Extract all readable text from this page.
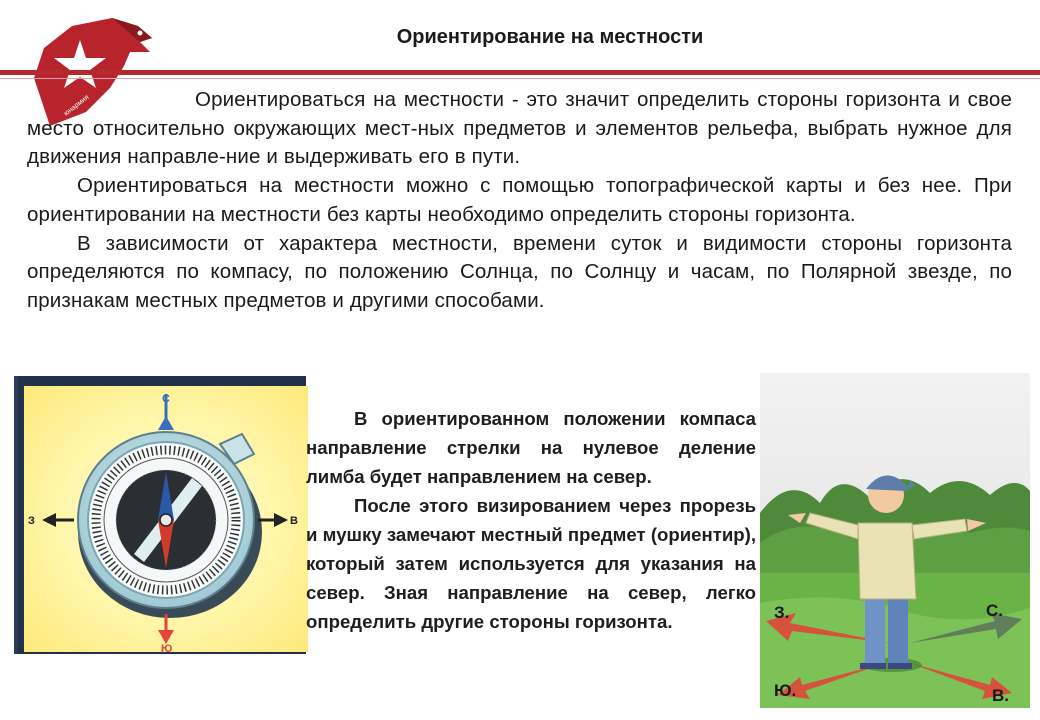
юнармия
Ориентирование на местности

Ориентироваться на местности - это значит определить стороны горизонта и свое место относительно окружающих мест-ных предметов и элементов рельефа, выбрать нужное для движения направле-ние и выдерживать его в пути.

Ориентироваться на местности можно с помощью топографической карты и без нее. При ориентировании на местности без карты необходимо определить стороны горизонта.

В зависимости от характера местности, времени суток и видимости стороны горизонта определяются по компасу, по положению Солнца, по Солнцу и часам, по Полярной звезде, по признакам местных предметов и другими способами.

С
Ю
З	В

В ориентированном положении компаса направление стрелки на нулевое деление лимба будет направлением на север.

После этого визированием через прорезь и мушку замечают местный предмет (ориентир), который затем используется для указания на север. Зная направление на север, легко определить другие стороны горизонта.	З.	С.
Ю.	В.
